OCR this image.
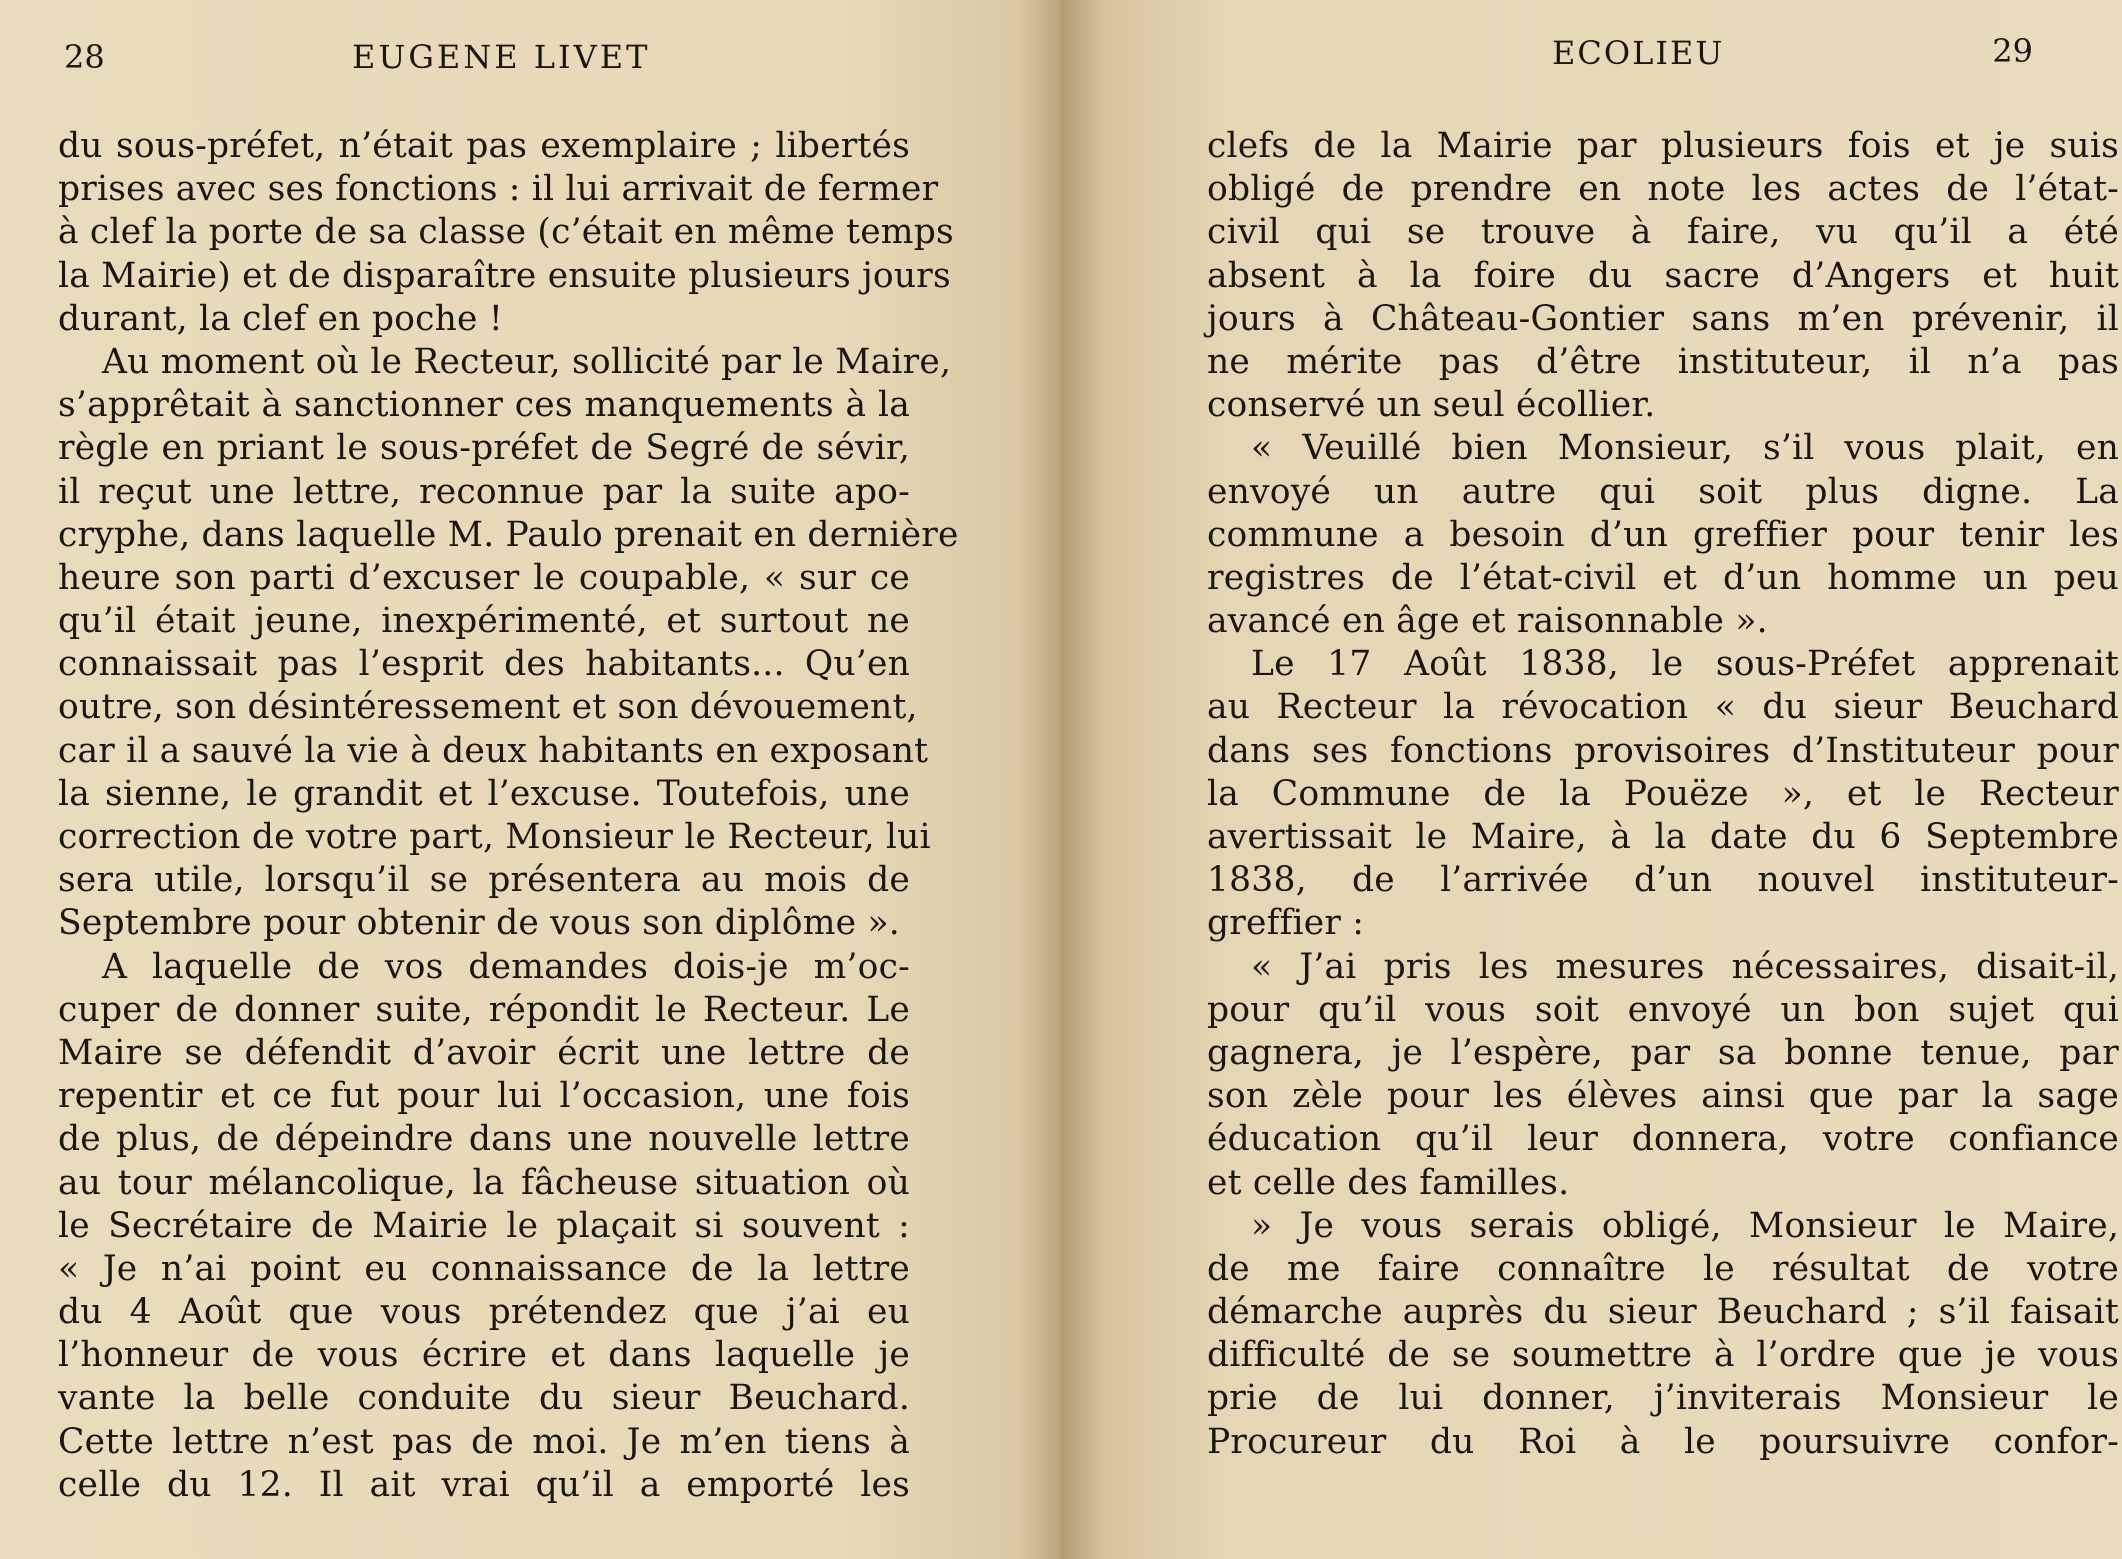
28	EUGENE LIVET
du sous-préfet, n’était pas exemplaire ; libertés
prises avec ses fonctions : il lui arrivait de fermer
à clef la porte de sa classe (c’était en même temps
la Mairie) et de disparaître ensuite plusieurs jours
durant, la clef en poche !
Au moment où le Recteur, sollicité par le Maire,
s’apprêtait à sanctionner ces manquements à la
règle en priant le sous-préfet de Segré de sévir,
il reçut une lettre, reconnue par la suite apo-
cryphe, dans laquelle M. Paulo prenait en dernière
heure son parti d’excuser le coupable, « sur ce
qu’il était jeune, inexpérimenté, et surtout ne
connaissait pas l’esprit des habitants... Qu’en
outre, son désintéressement et son dévouement,
car il a sauvé la vie à deux habitants en exposant
la sienne, le grandit et l’excuse. Toutefois, une
correction de votre part, Monsieur le Recteur, lui
sera utile, lorsqu’il se présentera au mois de
Septembre pour obtenir de vous son diplôme ».
A laquelle de vos demandes dois-je m’oc-
cuper de donner suite, répondit le Recteur. Le
Maire se défendit d’avoir écrit une lettre de
repentir et ce fut pour lui l’occasion, une fois
de plus, de dépeindre dans une nouvelle lettre
au tour mélancolique, la fâcheuse situation où
le Secrétaire de Mairie le plaçait si souvent :
« Je n’ai point eu connaissance de la lettre
du 4 Août que vous prétendez que j’ai eu
l’honneur de vous écrire et dans laquelle je
vante la belle conduite du sieur Beuchard.
Cette lettre n’est pas de moi. Je m’en tiens à
celle du 12. Il ait vrai qu’il a emporté les
ECOLIEU	29
clefs de la Mairie par plusieurs fois et je suis
obligé de prendre en note les actes de l’état-
civil qui se trouve à faire, vu qu’il a été
absent à la foire du sacre d’Angers et huit
jours à Château-Gontier sans m’en prévenir, il
ne mérite pas d’être instituteur, il n’a pas
conservé un seul écollier.
« Veuillé bien Monsieur, s’il vous plait, en
envoyé un autre qui soit plus digne. La
commune a besoin d’un greffier pour tenir les
registres de l’état-civil et d’un homme un peu
avancé en âge et raisonnable ».
Le 17 Août 1838, le sous-Préfet apprenait
au Recteur la révocation « du sieur Beuchard
dans ses fonctions provisoires d’Instituteur pour
la Commune de la Pouëze », et le Recteur
avertissait le Maire, à la date du 6 Septembre
1838, de l’arrivée d’un nouvel instituteur-
greffier :
« J’ai pris les mesures nécessaires, disait-il,
pour qu’il vous soit envoyé un bon sujet qui
gagnera, je l’espère, par sa bonne tenue, par
son zèle pour les élèves ainsi que par la sage
éducation qu’il leur donnera, votre confiance
et celle des familles.
» Je vous serais obligé, Monsieur le Maire,
de me faire connaître le résultat de votre
démarche auprès du sieur Beuchard ; s’il faisait
difficulté de se soumettre à l’ordre que je vous
prie de lui donner, j’inviterais Monsieur le
Procureur du Roi à le poursuivre confor-
